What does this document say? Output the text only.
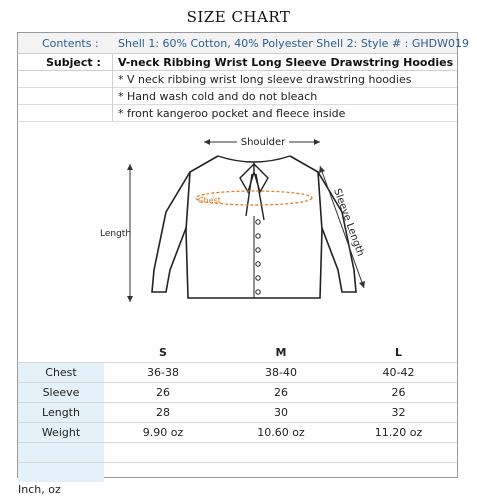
SIZE CHART
Contents : Shell 1: 60% Cotton, 40% Polyester Shell 2: Style # : GHDW019
Subject : V-neck Ribbing Wrist Long Sleeve Drawstring Hoodies
* V neck ribbing wrist long sleeve drawstring hoodies
* Hand wash cold and do not bleach
* front kangeroo pocket and fleece inside
Shoulder
Length
Chest	Sleeve Length
S	M	L
Chest	36-38	38-40	40-42
Sleeve	26	26	26
Length	28	30	32
Weight	9.90 oz	10.60 oz	11.20 oz
Inch, oz
